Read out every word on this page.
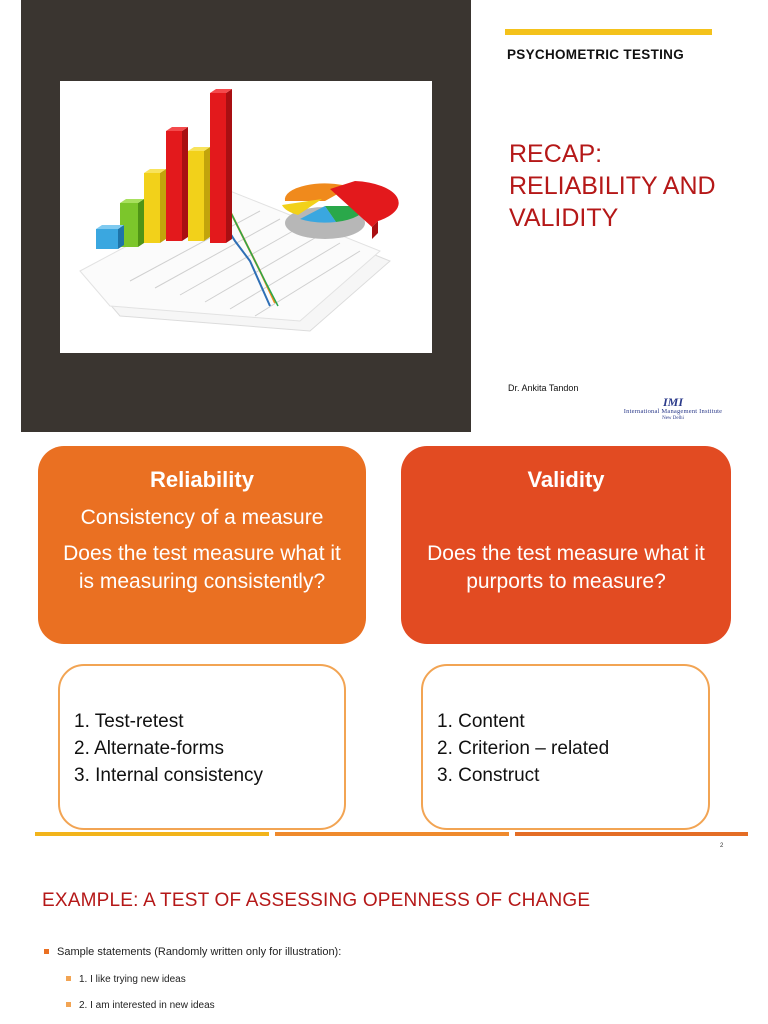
PSYCHOMETRIC TESTING
RECAP:
RELIABILITY AND
VALIDITY
Dr. Ankita Tandon
IMI
International Management Institute
New Delhi
Reliability
Consistency of a measure
Does the test measure what it is measuring consistently?
Validity
Does the test measure what it purports to measure?
1. Test-retest
2. Alternate-forms
3. Internal consistency
1. Content
2. Criterion – related
3. Construct
2
EXAMPLE: A TEST OF ASSESSING OPENNESS OF CHANGE
Sample statements (Randomly written only for illustration):
1. I like trying new ideas
2. I am interested in new ideas
